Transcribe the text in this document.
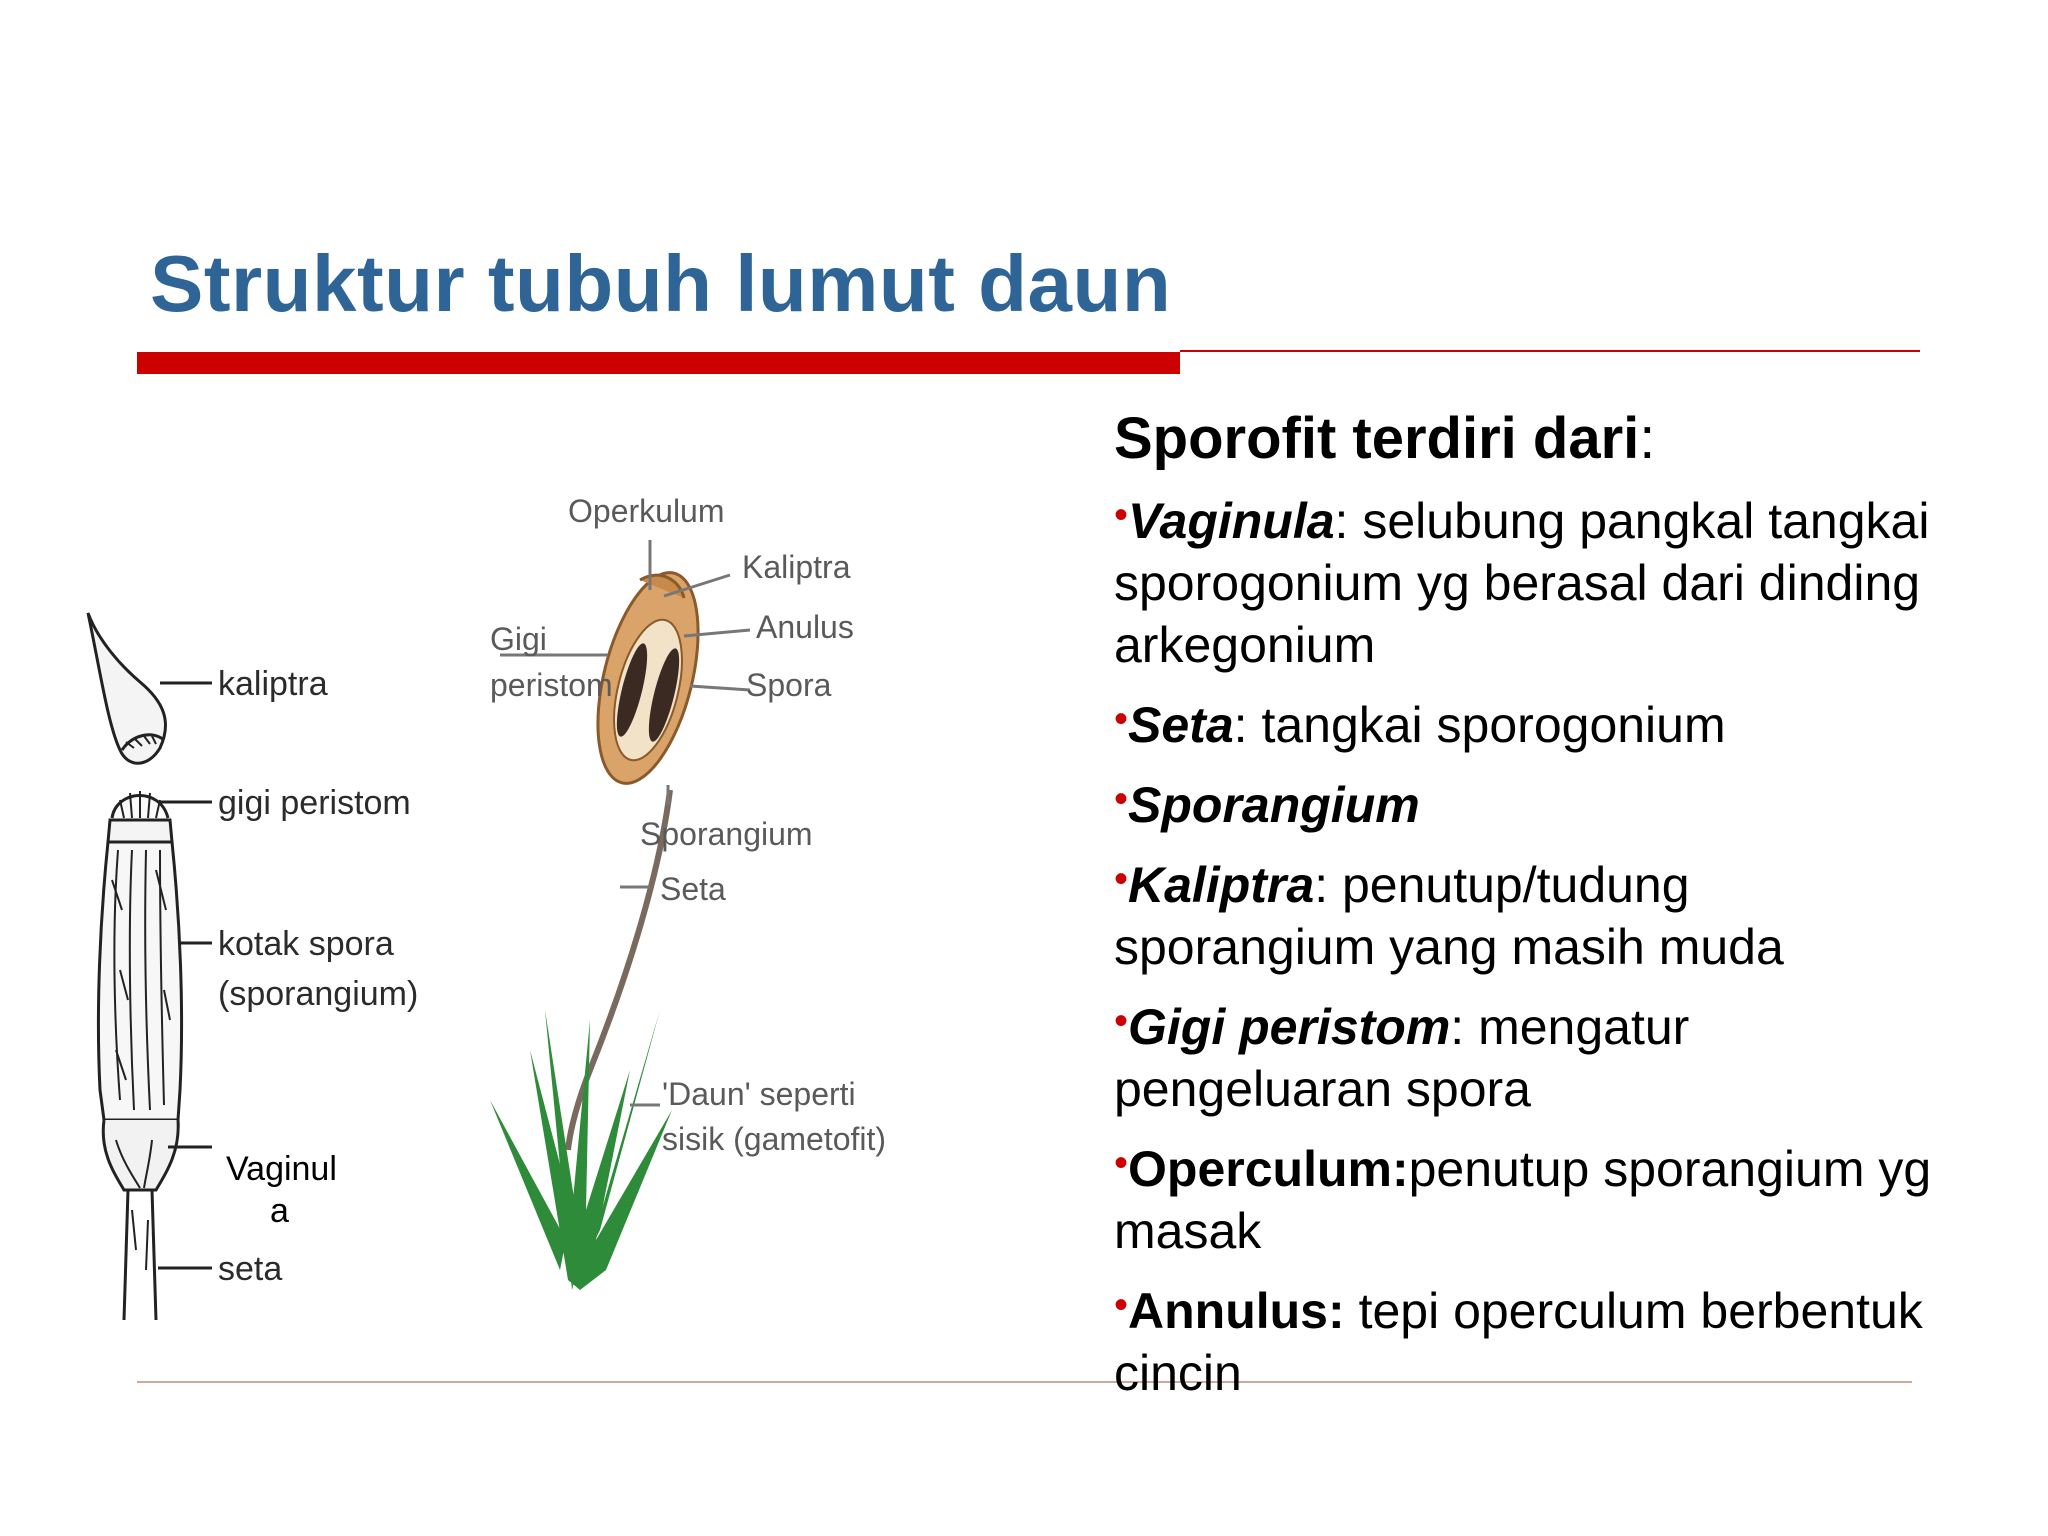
Struktur tubuh lumut daun
kaliptra
gigi peristom
kotak spora
(sporangium)
Vaginul
a
seta
Operkulum
Kaliptra
Anulus
Spora
Gigi
peristom
Sporangium
Seta
'Daun' seperti
sisik (gametofit)
Sporofit terdiri dari:
•Vaginula: selubung pangkal tangkai sporogonium yg berasal dari dinding arkegonium
•Seta: tangkai sporogonium
•Sporangium
•Kaliptra: penutup/tudung sporangium yang masih muda
•Gigi peristom: mengatur pengeluaran spora
•Operculum:penutup sporangium yg masak
•Annulus: tepi operculum berbentuk cincin
